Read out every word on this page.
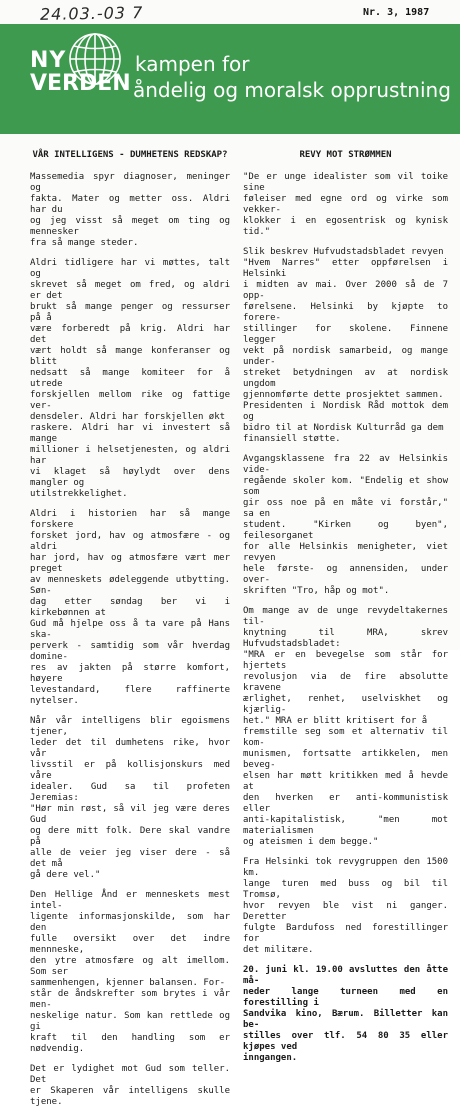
24.03.-03 7	Nr. 3, 1987
NY
VERDEN
kampen for
åndelig og moralsk opprustning
VÅR INTELLIGENS - DUMHETENS REDSKAP?

Massemedia spyr diagnoser, meninger og
fakta. Mater og metter oss. Aldri har du
og jeg visst så meget om ting og mennesker
fra så mange steder.

Aldri tidligere har vi møttes, talt og
skrevet så meget om fred, og aldri er det
brukt så mange penger og ressurser på å
være forberedt på krig. Aldri har det
vært holdt så mange konferanser og blitt
nedsatt så mange komiteer for å utrede
forskjellen mellom rike og fattige ver-
densdeler. Aldri har forskjellen økt
raskere. Aldri har vi investert så mange
millioner i helsetjenesten, og aldri har
vi klaget så høylydt over dens mangler og
utilstrekkelighet.

Aldri i historien har så mange forskere
forsket jord, hav og atmosfære - og aldri
har jord, hav og atmosfære vært mer preget
av menneskets ødeleggende utbytting. Søn-
dag etter søndag ber vi i kirkebønnen at
Gud må hjelpe oss å ta vare på Hans ska-
perverk - samtidig som vår hverdag domine-
res av jakten på større komfort, høyere
levestandard, flere raffinerte nytelser.

Når vår intelligens blir egoismens tjener,
leder det til dumhetens rike, hvor vår
livsstil er på kollisjonskurs med våre
idealer. Gud sa til profeten Jeremias:
"Hør min røst, så vil jeg være deres Gud
og dere mitt folk. Dere skal vandre på
alle de veier jeg viser dere - så det må
gå dere vel."

Den Hellige Ånd er menneskets mest intel-
ligente informasjonskilde, som har den
fulle oversikt over det indre mennneske,
den ytre atmosfære og alt imellom. Som ser
sammenhengen, kjenner balansen. For-
står de åndskrefter som brytes i vår men-
neskelige natur. Som kan rettlede og gi
kraft til den handling som er nødvendig.

Det er lydighet mot Gud som teller. Det
er Skaperen vår intelligens skulle tjene.

REVY MOT STRØMMEN

"De er unge idealister som vil toike sine
føleiser med egne ord og virke som vekker-
klokker i en egosentrisk og kynisk tid."

Slik beskrev Hufvudstadsbladet revyen
"Hvem Narres" etter oppførelsen i Helsinki
i midten av mai. Over 2000 så de 7 opp-
førelsene. Helsinki by kjøpte to forere-
stillinger for skolene. Finnene legger
vekt på nordisk samarbeid, og mange under-
streket betydningen av at nordisk ungdom
gjennomførte dette prosjektet sammen.
Presidenten i Nordisk Råd mottok dem og
bidro til at Nordisk Kulturråd ga dem
finansiell støtte.

Avgangsklassene fra 22 av Helsinkis vide-
regående skoler kom. "Endelig et show som
gir oss noe på en måte vi forstår," sa en
student. "Kirken og byen", feilesorganet
for alle Helsinkis menigheter, viet revyen
hele første- og annensiden, under over-
skriften "Tro, håp og mot".

Om mange av de unge revydeltakernes til-
knytning til MRA, skrev Hufvudstadsbladet:
"MRA er en bevegelse som står for hjertets
revolusjon via de fire absolutte kravene
ærlighet, renhet, uselviskhet og kjærlig-
het." MRA er blitt kritisert for å
fremstille seg som et alternativ til kom-
munismen, fortsatte artikkelen, men beveg-
elsen har møtt kritikken med å hevde at
den hverken er anti-kommunistisk eller
anti-kapitalistisk, "men mot materialismen
og ateismen i dem begge."

Fra Helsinki tok revygruppen den 1500 km.
lange turen med buss og bil til Tromsø,
hvor revyen ble vist ni ganger. Deretter
fulgte Bardufoss ned forestillinger for
det militære.

20. juni kl. 19.00 avsluttes den åtte må-
neder lange turneen med en forestilling i
Sandvika kino, Bærum. Billetter kan be-
stilles over tlf. 54 80 35 eller kjøpes ved
inngangen.
